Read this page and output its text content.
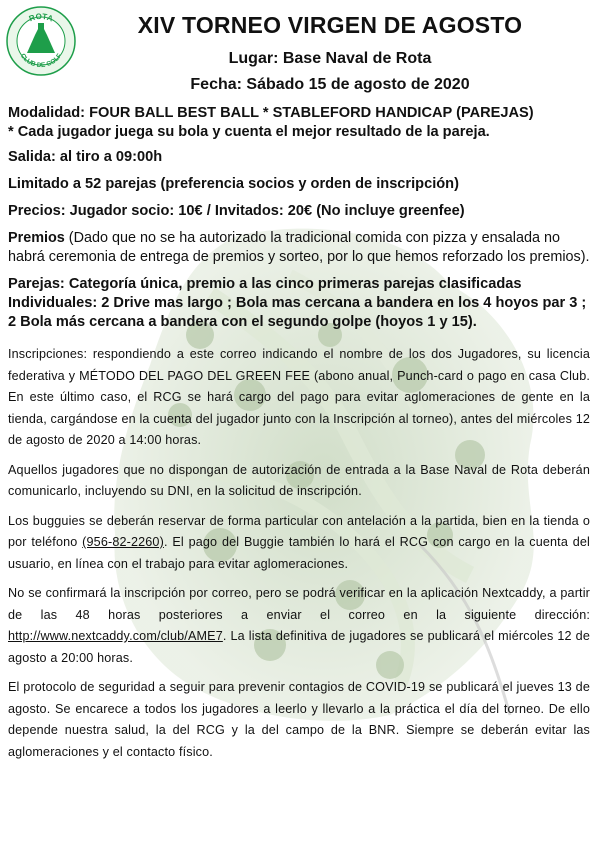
ROTA
CLUB DE GOLF
XIV TORNEO VIRGEN DE AGOSTO
Lugar: Base Naval de Rota
Fecha: Sábado 15 de agosto de 2020

Modalidad: FOUR BALL BEST BALL * STABLEFORD HANDICAP (PAREJAS)
* Cada jugador juega su bola y cuenta el mejor resultado de la pareja.

Salida: al tiro a 09:00h

Limitado a 52 parejas (preferencia socios y orden de inscripción)

Precios: Jugador socio: 10€ / Invitados: 20€ (No incluye greenfee)

Premios (Dado que no se ha autorizado la tradicional comida con pizza y ensalada no habrá ceremonia de entrega de premios y sorteo, por lo que hemos reforzado los premios).

Parejas: Categoría única, premio a las cinco primeras parejas clasificadas
Individuales: 2 Drive mas largo ; Bola mas cercana a bandera en los 4 hoyos par 3 ; 2 Bola más cercana a bandera con el segundo golpe (hoyos 1 y 15).

Inscripciones: respondiendo a este correo indicando el nombre de los dos Jugadores, su licencia federativa y MÉTODO DEL PAGO DEL GREEN FEE (abono anual, Punch-card o pago en casa Club. En este último caso, el RCG se hará cargo del pago para evitar aglomeraciones de gente en la tienda, cargándose en la cuenta del jugador junto con la Inscripción al torneo), antes del miércoles 12 de agosto de 2020 a 14:00 horas.

Aquellos jugadores que no dispongan de autorización de entrada a la Base Naval de Rota deberán comunicarlo, incluyendo su DNI, en la solicitud de inscripción.

Los bugguies se deberán reservar de forma particular con antelación a la partida, bien en la tienda o por teléfono (956-82-2260). El pago del Buggie también lo hará el RCG con cargo en la cuenta del usuario, en línea con el trabajo para evitar aglomeraciones.

No se confirmará la inscripción por correo, pero se podrá verificar en la aplicación Nextcaddy, a partir de las 48 horas posteriores a enviar el correo en la siguiente dirección: http://www.nextcaddy.com/club/AME7. La lista definitiva de jugadores se publicará el miércoles 12 de agosto a 20:00 horas.

El protocolo de seguridad a seguir para prevenir contagios de COVID-19 se publicará el jueves 13 de agosto. Se encarece a todos los jugadores a leerlo y llevarlo a la práctica el día del torneo. De ello depende nuestra salud, la del RCG y la del campo de la BNR. Siempre se deberán evitar las aglomeraciones y el contacto físico.
